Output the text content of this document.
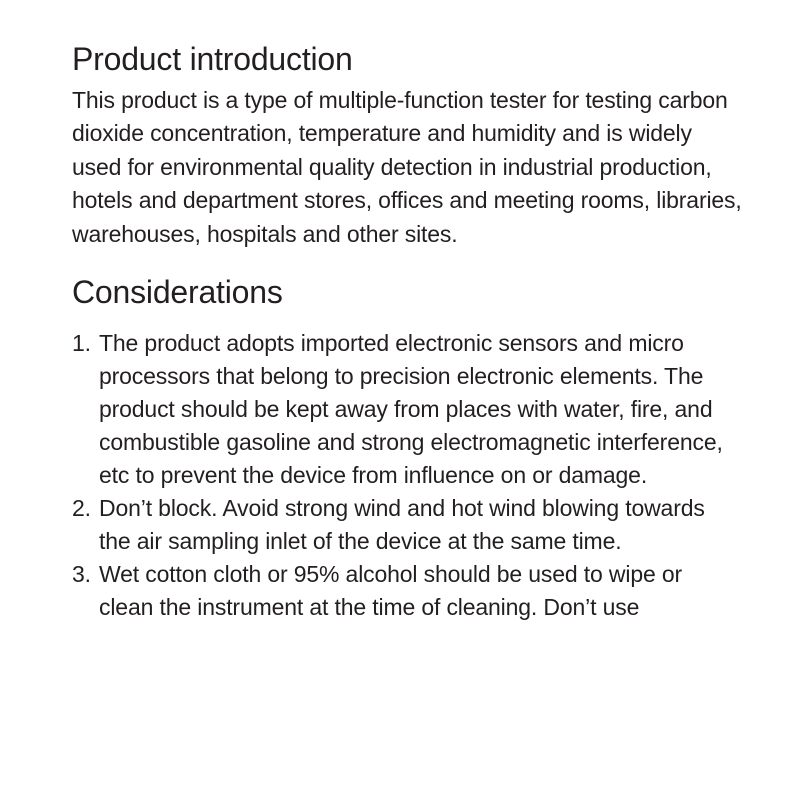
Product introduction

This product is a type of multiple-function tester for testing carbon dioxide concentration, temperature and humidity and is widely used for environmental quality detection in industrial production, hotels and department stores, offices and meeting rooms, libraries, warehouses, hospitals and other sites.

Considerations
1. The product adopts imported electronic sensors and micro processors that belong to precision electronic elements. The product should be kept away from places with water, fire, and combustible gasoline and strong electromagnetic interference, etc to prevent the device from influence on or damage.
2. Don’t block. Avoid strong wind and hot wind blowing towards the air sampling inlet of the device at the same time.
3. Wet cotton cloth or 95% alcohol should be used to wipe or clean the instrument at the time of cleaning. Don’t use
